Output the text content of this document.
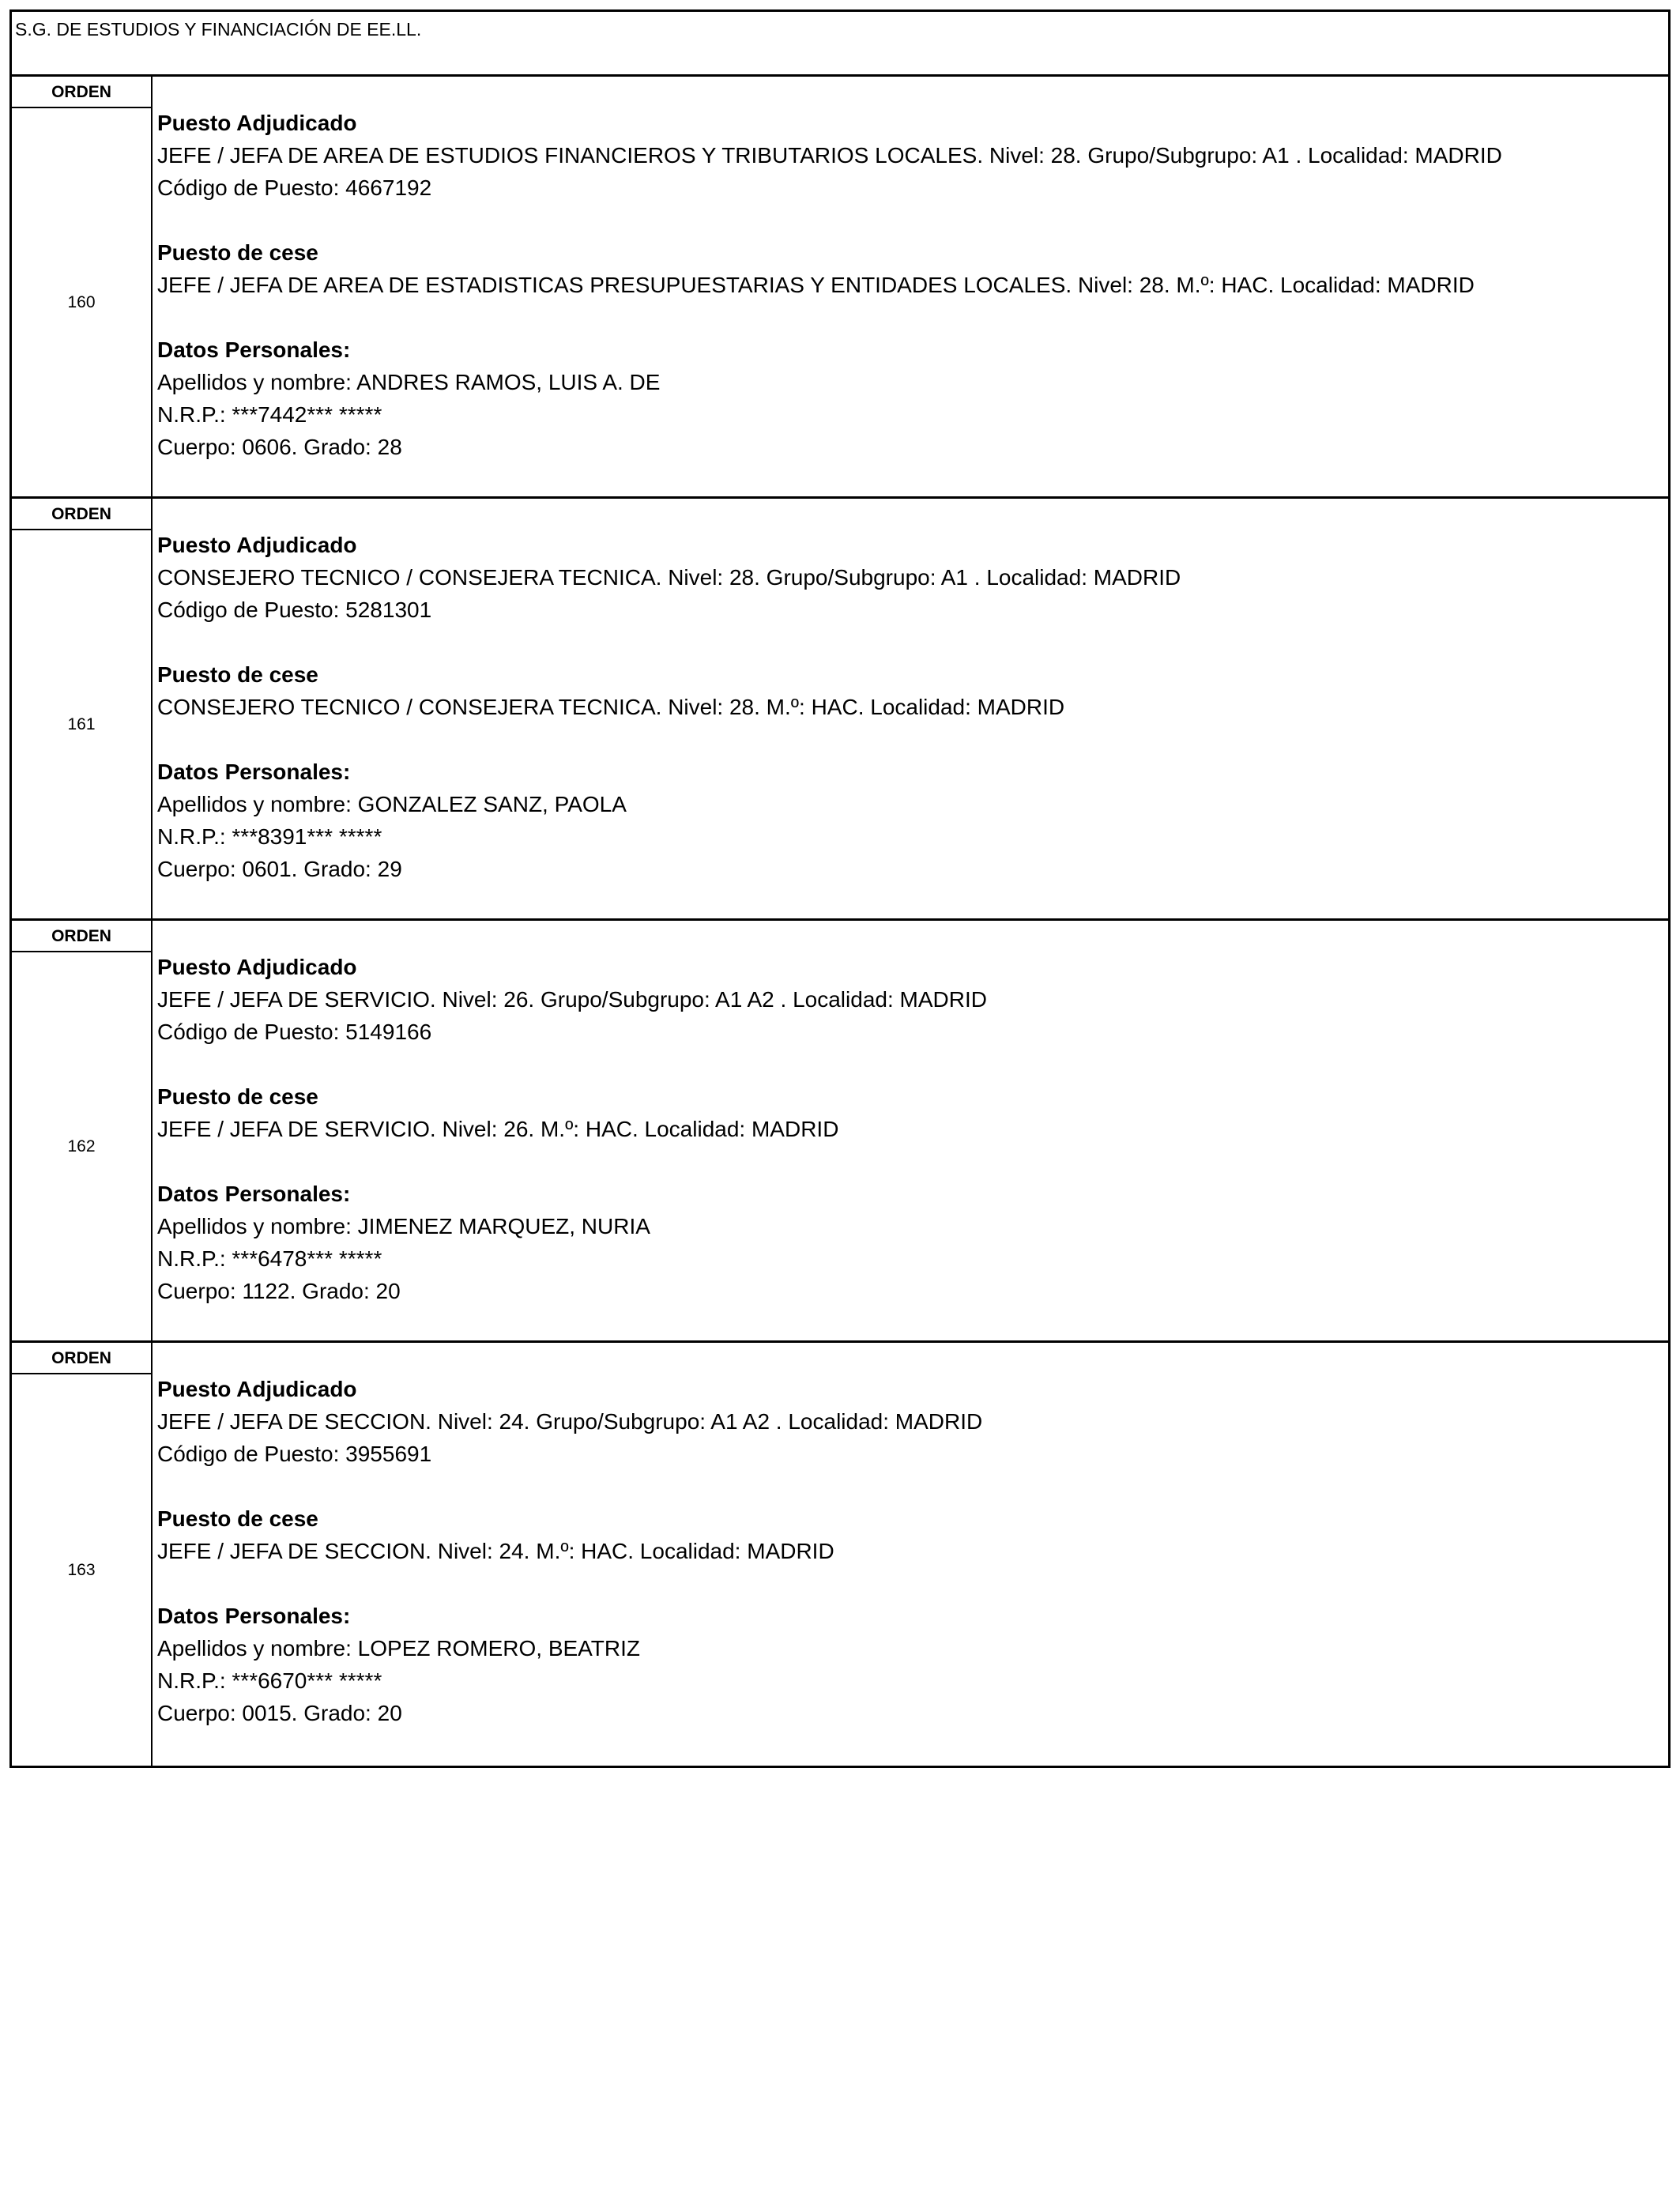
S.G. DE ESTUDIOS Y FINANCIACIÓN DE EE.LL.
ORDEN
160
Puesto Adjudicado
JEFE / JEFA DE AREA DE ESTUDIOS FINANCIEROS Y TRIBUTARIOS LOCALES. Nivel: 28. Grupo/Subgrupo: A1 . Localidad: MADRID
Código de Puesto: 4667192
Puesto de cese
JEFE / JEFA DE AREA DE ESTADISTICAS PRESUPUESTARIAS Y ENTIDADES LOCALES. Nivel: 28. M.º: HAC. Localidad: MADRID
Datos Personales:
Apellidos y nombre: ANDRES RAMOS, LUIS A. DE
N.R.P.: ***7442*** *****
Cuerpo: 0606. Grado: 28
ORDEN
161
Puesto Adjudicado
CONSEJERO TECNICO / CONSEJERA TECNICA. Nivel: 28. Grupo/Subgrupo: A1 . Localidad: MADRID
Código de Puesto: 5281301
Puesto de cese
CONSEJERO TECNICO / CONSEJERA TECNICA. Nivel: 28. M.º: HAC. Localidad: MADRID
Datos Personales:
Apellidos y nombre: GONZALEZ SANZ, PAOLA
N.R.P.: ***8391*** *****
Cuerpo: 0601. Grado: 29
ORDEN
162
Puesto Adjudicado
JEFE / JEFA DE SERVICIO. Nivel: 26. Grupo/Subgrupo: A1 A2 . Localidad: MADRID
Código de Puesto: 5149166
Puesto de cese
JEFE / JEFA DE SERVICIO. Nivel: 26. M.º: HAC. Localidad: MADRID
Datos Personales:
Apellidos y nombre: JIMENEZ MARQUEZ, NURIA
N.R.P.: ***6478*** *****
Cuerpo: 1122. Grado: 20
ORDEN
163
Puesto Adjudicado
JEFE / JEFA DE SECCION. Nivel: 24. Grupo/Subgrupo: A1 A2 . Localidad: MADRID
Código de Puesto: 3955691
Puesto de cese
JEFE / JEFA DE SECCION. Nivel: 24. M.º: HAC. Localidad: MADRID
Datos Personales:
Apellidos y nombre: LOPEZ ROMERO, BEATRIZ
N.R.P.: ***6670*** *****
Cuerpo: 0015. Grado: 20
